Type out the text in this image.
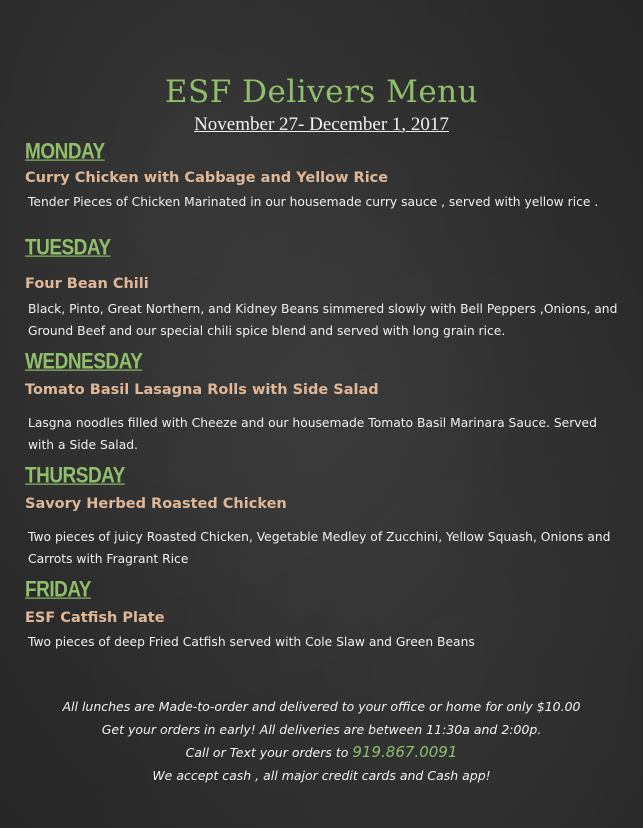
ESF Delivers Menu
November 27- December 1, 2017
MONDAY
Curry Chicken with Cabbage and Yellow Rice
Tender Pieces of Chicken Marinated in our housemade curry sauce , served with yellow rice .
TUESDAY
Four Bean Chili
Black, Pinto, Great Northern, and Kidney Beans simmered slowly with Bell Peppers ,Onions, and Ground Beef and our special chili spice blend and served with long grain rice.
WEDNESDAY
Tomato Basil Lasagna Rolls with Side Salad
Lasgna noodles filled with Cheeze and our housemade Tomato Basil Marinara Sauce. Served with a Side Salad.
THURSDAY
Savory Herbed Roasted Chicken
Two pieces of juicy Roasted Chicken, Vegetable Medley of Zucchini, Yellow Squash, Onions and Carrots with Fragrant Rice
FRIDAY
ESF Catfish Plate
Two pieces of deep Fried Catfish served with Cole Slaw and Green Beans
All lunches are Made-to-order and delivered to your office or home for only $10.00
Get your orders in early! All deliveries are between 11:30a and 2:00p.
Call or Text your orders to 919.867.0091
We accept cash , all major credit cards and Cash app!
